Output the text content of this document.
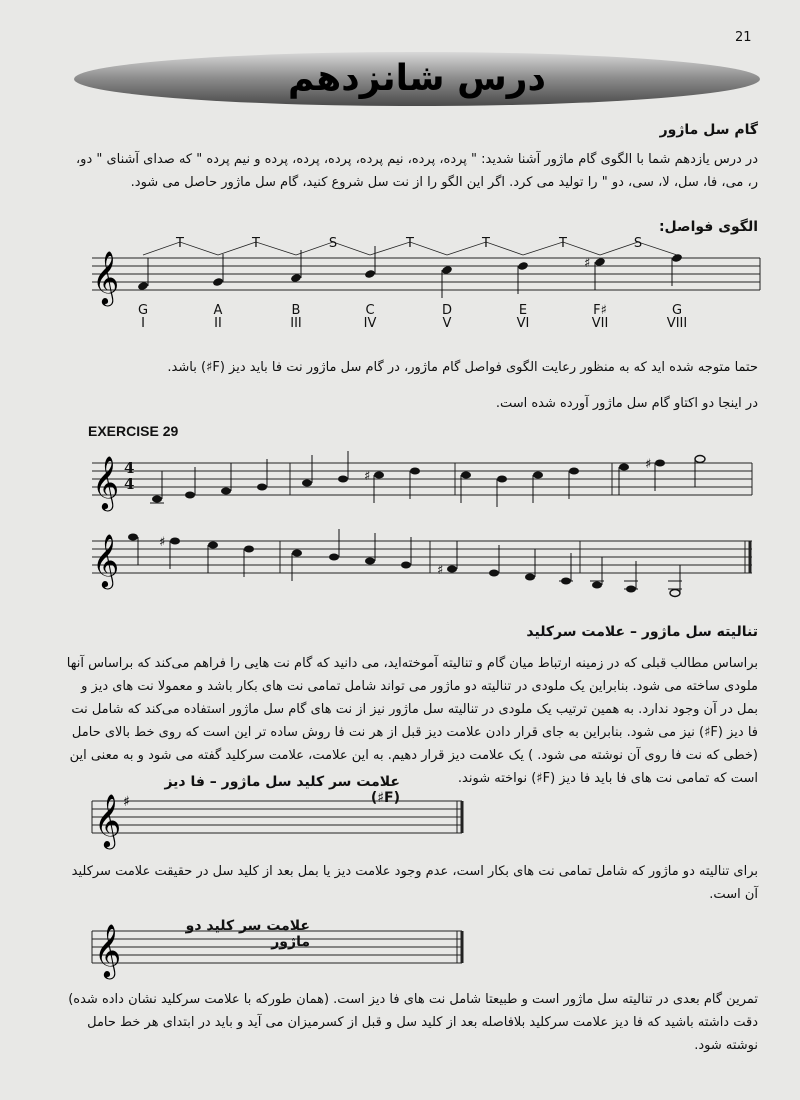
21
درس شانزدهم
گام سل ماژور
در درس یازدهم شما با الگوی گام ماژور آشنا شدید: " پرده، پرده، نیم پرده، پرده، پرده، پرده و نیم پرده " که صدای آشنای " دو، ر، می، فا، سل، لا، سی، دو " را تولید می کرد. اگر این الگو را از نت سل شروع کنید، گام سل ماژور حاصل می شود.
الگوی فواصل:
𝄞	♯
𝄞	♯
♯
𝄞	♯
♯
𝄞 ♯
𝄞
T	T	S	T	T	T	S
G	A	B	C	D	E	F♯	G
I	II	III	IV	V	VI	VII	VIII
حتما متوجه شده اید که به منظور رعایت الگوی فواصل گام ماژور، در گام سل ماژور نت فا باید دیز (F♯) باشد.
در اینجا دو اکتاو گام سل ماژور آورده شده است.
EXERCISE 29
4
4
تنالیته سل ماژور – علامت سرکلید
براساس مطالب قبلی که در زمینه ارتباط میان گام و تنالیته آموخته‌اید، می دانید که گام نت هایی را فراهم می‌کند که براساس آنها ملودی ساخته می شود. بنابراین یک ملودی در تنالیته دو ماژور می تواند شامل تمامی نت های بکار باشد و معمولا نت های دیز و بمل در آن وجود ندارد. به همین ترتیب یک ملودی در تنالیته سل ماژور نیز از نت های گام سل ماژور استفاده می‌کند که شامل نت فا دیز (F♯) نیز می شود. بنابراین به جای قرار دادن علامت دیز قبل از هر نت فا روش ساده تر این است که روی خط بالای حامل (خطی که نت فا روی آن نوشته می شود. ) یک علامت دیز قرار دهیم. به این علامت، علامت سرکلید گفته می شود و به معنی این است که تمامی نت های فا باید فا دیز (F♯) نواخته شوند.
علامت سر کلید سل ماژور – فا دیز (F♯)
برای تنالیته دو ماژور که شامل تمامی نت های بکار است، عدم وجود علامت دیز یا بمل بعد از کلید سل در حقیقت علامت سرکلید آن است.
علامت سر کلید دو ماژور
تمرین گام بعدی در تنالیته سل ماژور است و طبیعتا شامل نت های فا دیز است. (همان طورکه با علامت سرکلید نشان داده شده) دقت داشته باشید که فا دیز علامت سرکلید بلافاصله بعد از کلید سل و قبل از کسرمیزان می آید و باید در ابتدای هر خط حامل نوشته شود.
